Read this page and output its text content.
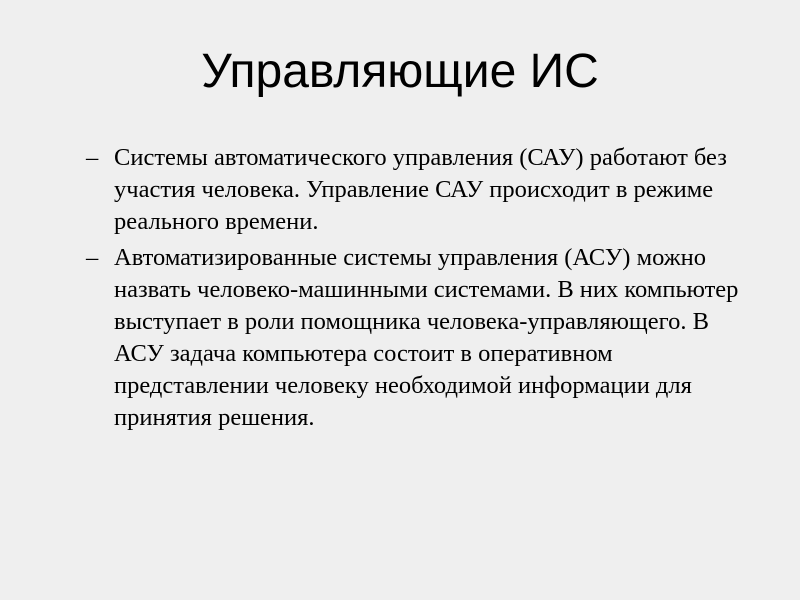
Управляющие ИС
– Системы автоматического управления (САУ) работают без участия человека. Управление САУ происходит в режиме реального времени.
– Автоматизированные системы управления (АСУ) можно назвать человеко-машинными системами. В них компьютер выступает в роли помощника человека-управляющего. В АСУ задача компьютера состоит в оперативном представлении человеку необходимой информации для принятия решения.
